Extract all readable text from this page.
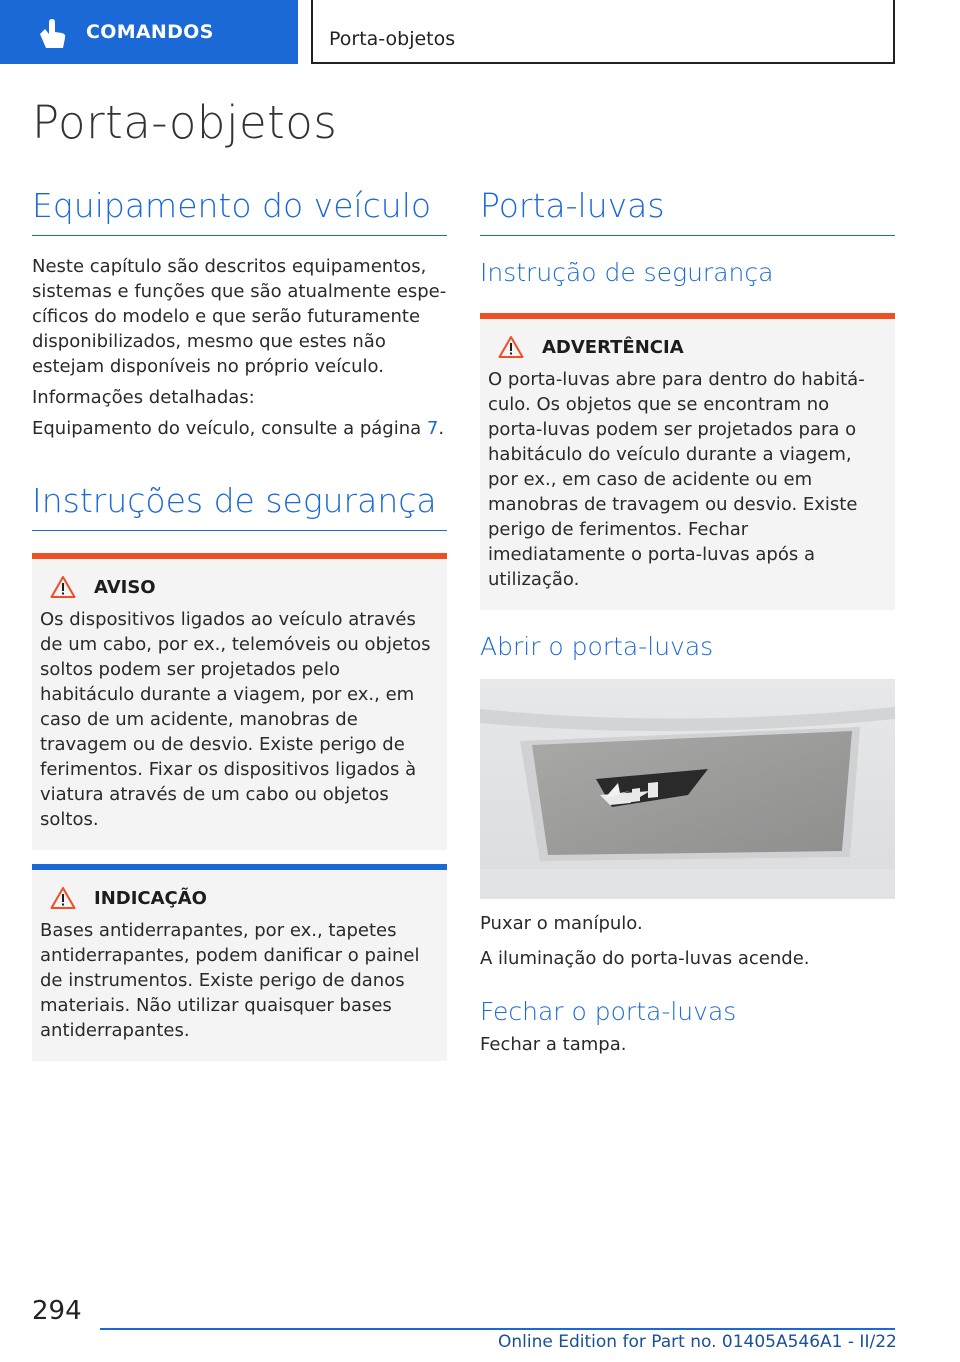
COMANDOS	Porta-objetos
Porta-objetos
Equipamento do veículo

Neste capítulo são descritos equipamentos, sistemas e funções que são atualmente específicos do modelo e que serão futuramente disponibilizados, mesmo que estes não estejam disponíveis no próprio veículo.

Informações detalhadas:

Equipamento do veículo, consulte a página 7.

Instruções de segurança
AVISO

Os dispositivos ligados ao veículo através de um cabo, por ex., telemóveis ou objetos soltos podem ser projetados pelo habitáculo durante a viagem, por ex., em caso de um acidente, manobras de travagem ou de desvio. Existe perigo de ferimentos. Fixar os dispositivos ligados à viatura através de um cabo ou objetos soltos.

INDICAÇÃO

Bases antiderrapantes, por ex., tapetes antiderrapantes, podem danificar o painel de instrumentos. Existe perigo de danos materiais. Não utilizar quaisquer bases antiderrapantes.

Porta-luvas
Instrução de segurança
ADVERTÊNCIA

O porta-luvas abre para dentro do habitáculo. Os objetos que se encontram no porta-luvas podem ser projetados para o habitáculo do veículo durante a viagem, por ex., em caso de acidente ou em manobras de travagem ou desvio. Existe perigo de ferimentos. Fechar imediatamente o porta-luvas após a utilização.

Abrir o porta-luvas

Puxar o manípulo.

A iluminação do porta-luvas acende.

Fechar o porta-luvas

Fechar a tampa.

294
Online Edition for Part no. 01405A546A1 - II/22
